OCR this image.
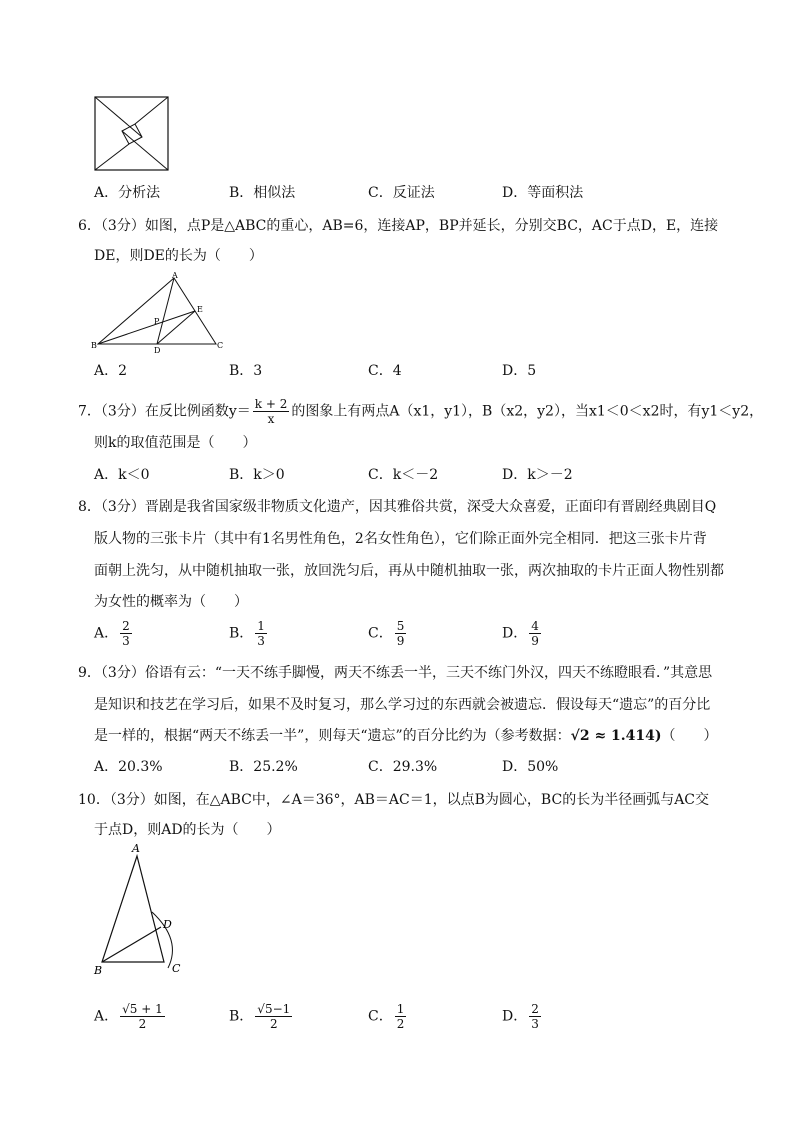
A．分析法	B．相似法	C．反证法	D．等面积法
6．（3分）如图，点P是△ABC的重心，AB=6，连接AP，BP并延长，分别交BC，AC于点D，E，连接
DE，则DE的长为（　　）
A
B	C
D
E
P
A．2	B．3	C．4	D．5
7．（3分）在反比例函数$y= \frac{k + 2}{x}$ 的图象上有两点A（x1，y1），B（x2，y2），当x1＜0＜x2时，有y1＜y2，
则k的取值范围是（　　）
A．k＜0	B．k＞0	C．k＜－2	D．k＞－2
8．（3分）晋剧是我省国家级非物质文化遗产，因其雅俗共赏，深受大众喜爱，正面印有晋剧经典剧目Q
版人物的三张卡片（其中有1名男性角色，2名女性角色），它们除正面外完全相同．把这三张卡片背
面朝上洗匀，从中随机抽取一张，放回洗匀后，再从中随机抽取一张，两次抽取的卡片正面人物性别都
为女性的概率为（　　）
A． $\frac{2}{3}$	B． $\frac{1}{3}$	C． $\frac{5}{9}$	D． $\frac{4}{9}$
9．（3分）俗语有云：“一天不练手脚慢，两天不练丢一半，三天不练门外汉，四天不练瞪眼看．”其意思
是知识和技艺在学习后，如果不及时复习，那么学习过的东西就会被遗忘．假设每天“遗忘”的百分比
是一样的，根据“两天不练丢一半”，则每天“遗忘”的百分比约为（参考数据：√2 ≈ 1.414)（　　）
A．20.3%	B．25.2%	C．29.3%	D．50%
10．（3分）如图，在△ABC中，∠A＝36°，AB＝AC＝1，以点B为圆心，BC的长为半径画弧与AC交
于点D，则AD的长为（　　）
A
B	C
D
A． $\frac{√5 + 1}{2}$	B． $\frac{√5-1}{2}$	C． $\frac{1}{2}$	D． $\frac{2}{3}$
